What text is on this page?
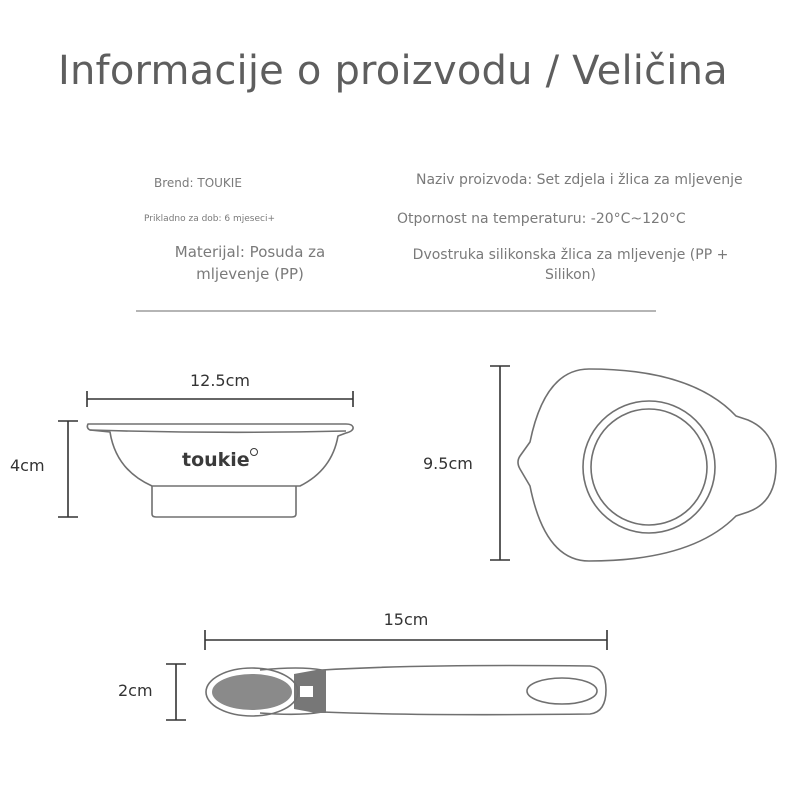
Informacije o proizvodu / Veličina
Brend: TOUKIE
Prikladno za dob: 6 mjeseci+
Materijal: Posuda za mljevenje (PP)
Naziv proizvoda: Set zdjela i žlica za mljevenje
Otpornost na temperaturu: -20°C~120°C
Dvostruka silikonska žlica za mljevenje (PP + Silikon)
toukie
12.5cm
4cm	9.5cm
15cm
2cm
